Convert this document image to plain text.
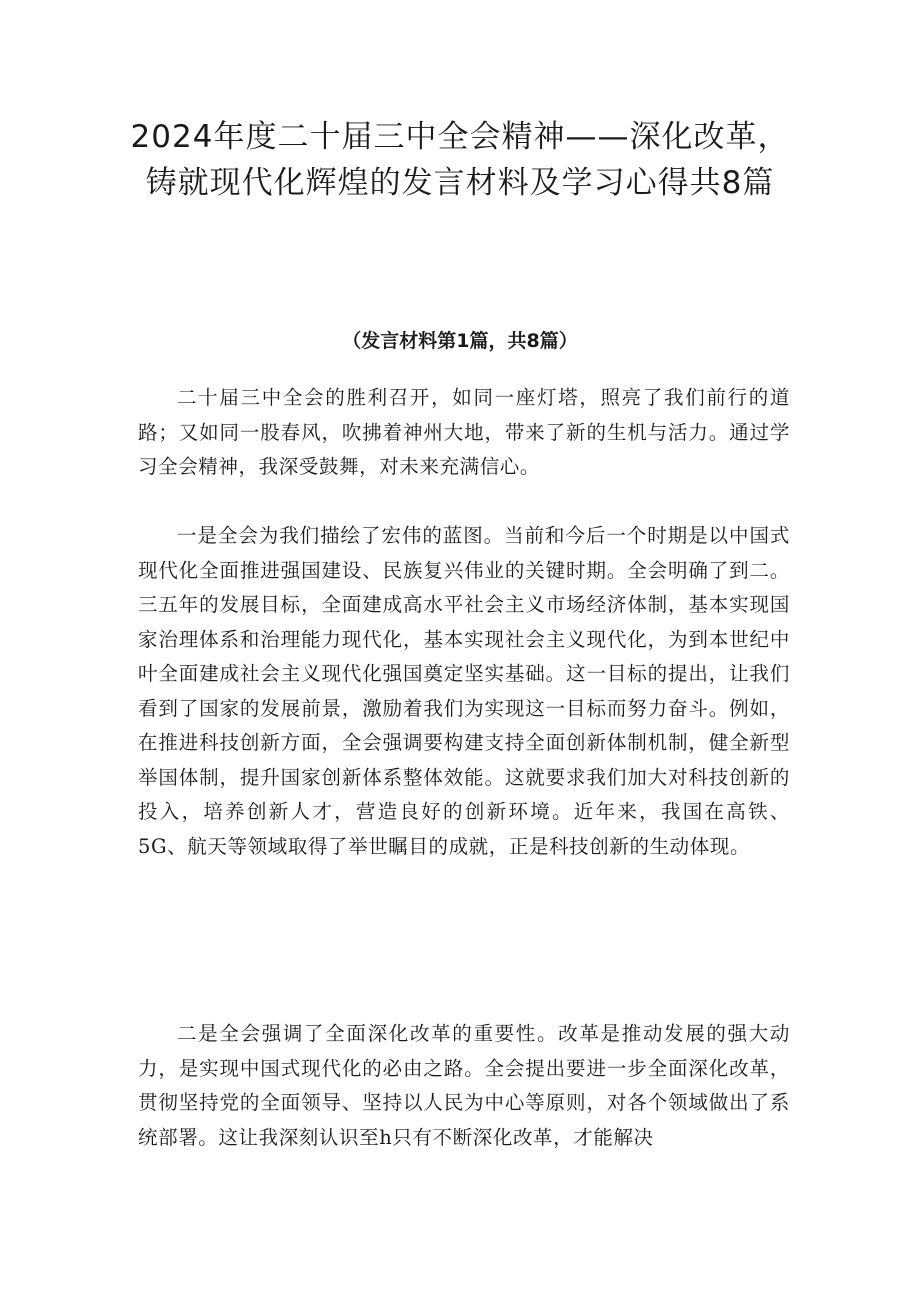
2024年度二十届三中全会精神——深化改革，铸就现代化辉煌的发言材料及学习心得共8篇

（发言材料第1篇，共8篇）

二十届三中全会的胜利召开，如同一座灯塔，照亮了我们前行的道路；又如同一股春风，吹拂着神州大地，带来了新的生机与活力。通过学习全会精神，我深受鼓舞，对未来充满信心。

一是全会为我们描绘了宏伟的蓝图。当前和今后一个时期是以中国式现代化全面推进强国建设、民族复兴伟业的关键时期。全会明确了到二。三五年的发展目标，全面建成高水平社会主义市场经济体制，基本实现国家治理体系和治理能力现代化，基本实现社会主义现代化，为到本世纪中叶全面建成社会主义现代化强国奠定坚实基础。这一目标的提出，让我们看到了国家的发展前景，激励着我们为实现这一目标而努力奋斗。例如，在推进科技创新方面，全会强调要构建支持全面创新体制机制，健全新型举国体制，提升国家创新体系整体效能。这就要求我们加大对科技创新的投入，培养创新人才，营造良好的创新环境。近年来，我国在高铁、5G、航天等领域取得了举世瞩目的成就，正是科技创新的生动体现。

二是全会强调了全面深化改革的重要性。改革是推动发展的强大动力，是实现中国式现代化的必由之路。全会提出要进一步全面深化改革，贯彻坚持党的全面领导、坚持以人民为中心等原则，对各个领域做出了系统部署。这让我深刻认识至h只有不断深化改革，才能解决
